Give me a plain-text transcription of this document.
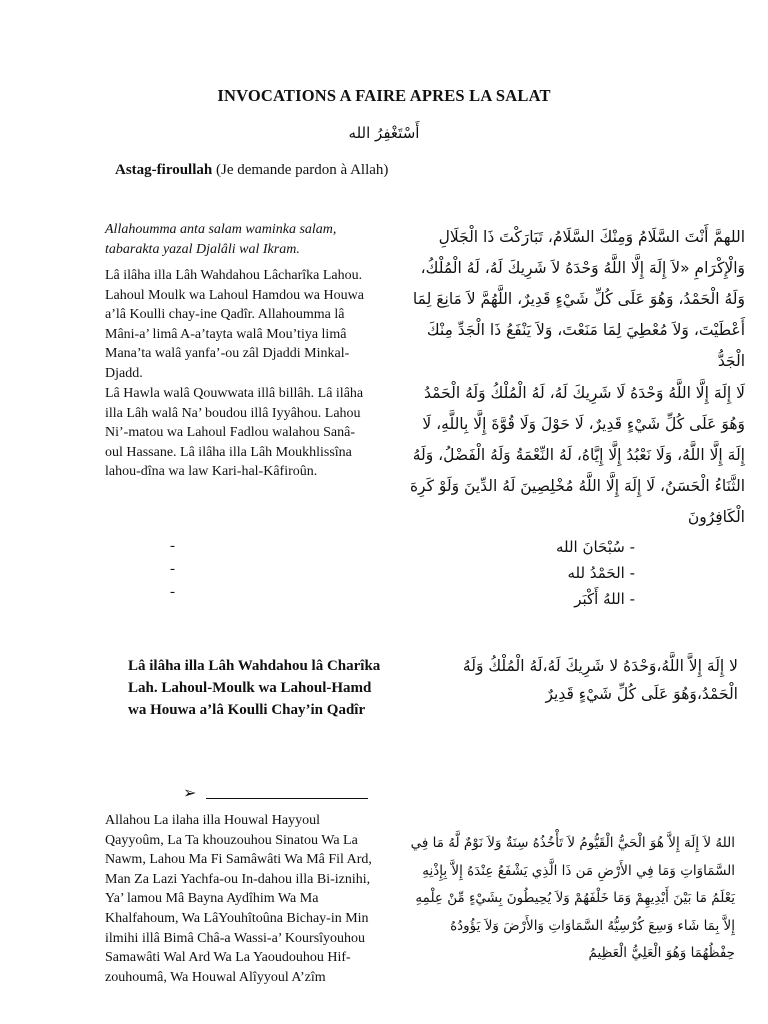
INVOCATIONS A FAIRE APRES LA SALAT
أَسْتَغْفِرُ الله
Astag-firoullah (Je demande pardon à Allah)
Allahoumma anta salam waminka salam, tabarakta yazal Djalâli wal Ikram.
Lâ ilâha illa Lâh Wahdahou Lâcharîka Lahou. Lahoul Moulk wa Lahoul Hamdou wa Houwa a’lâ Koulli chay-ine Qadîr. Allahoumma lâ Mâni-a’ limâ A-a’tayta walâ Mou’tiya limâ Mana’ta walâ yanfa’-ou zâl Djaddi Minkal-Djadd.
Lâ Hawla walâ Qouwwata illâ billâh. Lâ ilâha illa Lâh walâ Na’ boudou illâ Iyyâhou. Lahou Ni’-matou wa Lahoul Fadlou walahou Sanâ-oul Hassane. Lâ ilâha illa Lâh Moukhlissîna lahou-dîna wa law Kari-hal-Kâfiroûn.
اللهمَّ أَنْتَ السَّلَامُ وَمِنْكَ السَّلَامُ، تَبَارَكْتَ ذَا الْجَلَالِ وَالْإِكْرَامِ «لاَ إِلَهَ إِلَّا اللَّهُ وَحْدَهُ لاَ شَرِيكَ لَهُ، لَهُ الْمُلْكُ، وَلَهُ الْحَمْدُ، وَهُوَ عَلَى كُلِّ شَيْءٍ قَدِيرٌ، اللَّهُمَّ لاَ مَانِعَ لِمَا أَعْطَيْتَ، وَلاَ مُعْطِيَ لِمَا مَنَعْتَ، وَلاَ يَنْفَعُ ذَا الْجَدِّ مِنْكَ الْجَدُّ
لَا إِلَهَ إِلَّا اللَّهُ وَحْدَهُ لَا شَرِيكَ لَهُ، لَهُ الْمُلْكُ وَلَهُ الْحَمْدُ وَهُوَ عَلَى كُلِّ شَيْءٍ قَدِيرٌ، لَا حَوْلَ وَلَا قُوَّةَ إِلَّا بِاللَّهِ، لَا إِلَهَ إِلَّا اللَّهُ، وَلَا نَعْبُدُ إِلَّا إِيَّاهُ، لَهُ النِّعْمَةُ وَلَهُ الْفَضْلُ، وَلَهُ الثَّنَاءُ الْحَسَنُ، لَا إِلَهَ إِلَّا اللَّهُ مُخْلِصِينَ لَهُ الدِّينَ وَلَوْ كَرِهَ الْكَافِرُونَ
-
-
-
- سُبْحَانَ الله
- الحَمْدُ لله
- اللهُ أَكْبَر
Lâ ilâha illa Lâh Wahdahou lâ Charîka Lah. Lahoul-Moulk wa Lahoul-Hamd wa Houwa a’lâ Koulli Chay’in Qadîr
لا إِلَهَ إِلاَّ اللَّهُ،وَحْدَهُ لا شَرِيكَ لَهُ،لَهُ الْمُلْكُ وَلَهُ الْحَمْدُ،وَهُوَ عَلَى كُلِّ شَيْءٍ قَدِيرٌ
➢
Allahou La ilaha illa Houwal Hayyoul Qayyoûm, La Ta khouzouhou Sinatou Wa La Nawm, Lahou Ma Fi Samâwâti Wa Mâ Fil Ard, Man Za Lazi Yachfa-ou In-dahou illa Bi-iznihi, Ya’ lamou Mâ Bayna Aydîhim Wa Ma Khalfahoum, Wa LâYouhîtoûna Bichay-in Min ilmihi illâ Bimâ Châ-a Wassi-a’ Koursîyouhou Samawâti Wal Ard Wa La Yaoudouhou Hif-zouhoumâ, Wa Houwal Alîyyoul A’zîm
اللهُ لاَ إِلَهَ إِلاَّ هُوَ الْحَيُّ الْقَيُّومُ لاَ تَأْخُذُهُ سِنَةٌ وَلاَ نَوْمٌ لَّهُ مَا فِي السَّمَاوَاتِ وَمَا فِي الأَرْضِ مَن ذَا الَّذِي يَشْفَعُ عِنْدَهُ إِلاَّ بِإِذْنِهِ يَعْلَمُ مَا بَيْنَ أَيْدِيهِمْ وَمَا خَلْفَهُمْ وَلاَ يُحِيطُونَ بِشَيْءٍ مِّنْ عِلْمِهِ إِلاَّ بِمَا شَاء وَسِعَ كُرْسِيُّهُ السَّمَاوَاتِ وَالأَرْضَ وَلاَ يَؤُودُهُ حِفْظُهُمَا وَهُوَ الْعَلِيُّ الْعَظِيمُ
